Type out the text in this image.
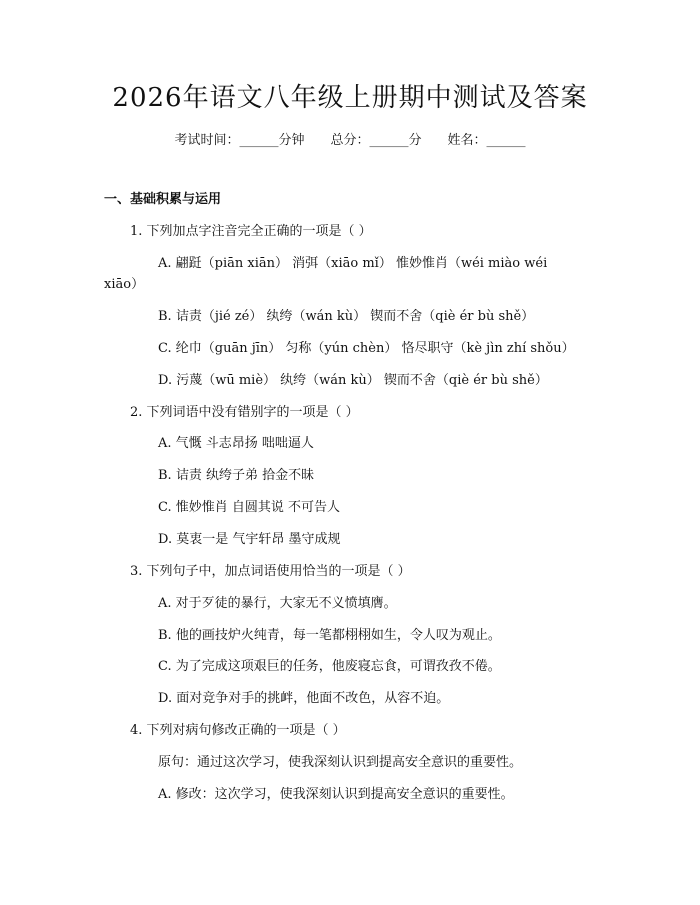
2026年语文八年级上册期中测试及答案
考试时间：______分钟 总分：______分 姓名：______
一、基础积累与运用
1. 下列加点字注音完全正确的一项是（ ）
A. 翩跹（piān xiān） 消弭（xiāo mǐ） 惟妙惟肖（wéi miào wéi
xiāo）
B. 诘责（jié zé） 纨绔（wán kù） 锲而不舍（qiè ér bù shě）
C. 纶巾（guān jīn） 匀称（yún chèn） 恪尽职守（kè jìn zhí shǒu）
D. 污蔑（wū miè） 纨绔（wán kù） 锲而不舍（qiè ér bù shě）
2. 下列词语中没有错别字的一项是（ ）
A. 气慨 斗志昂扬 咄咄逼人
B. 诘责 纨绔子弟 拾金不昧
C. 惟妙惟肖 自圆其说 不可告人
D. 莫衷一是 气宇轩昂 墨守成规
3. 下列句子中，加点词语使用恰当的一项是（ ）
A. 对于歹徒的暴行，大家无不义愤填膺。
B. 他的画技炉火纯青，每一笔都栩栩如生，令人叹为观止。
C. 为了完成这项艰巨的任务，他废寝忘食，可谓孜孜不倦。
D. 面对竞争对手的挑衅，他面不改色，从容不迫。
4. 下列对病句修改正确的一项是（ ）
原句：通过这次学习，使我深刻认识到提高安全意识的重要性。
A. 修改：这次学习，使我深刻认识到提高安全意识的重要性。
